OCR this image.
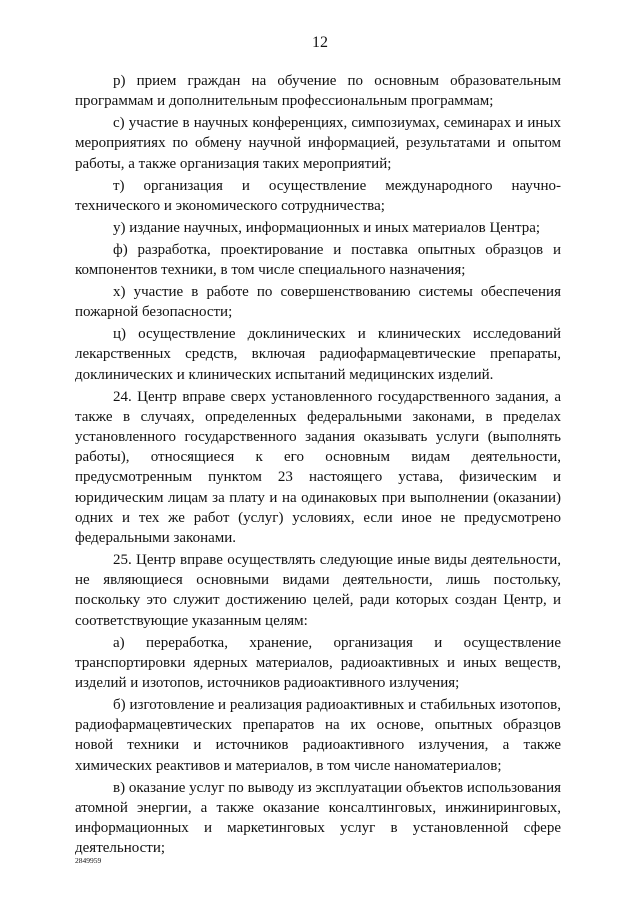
12

р) прием граждан на обучение по основным образовательным программам и дополнительным профессиональным программам;

с) участие в научных конференциях, симпозиумах, семинарах и иных мероприятиях по обмену научной информацией, результатами и опытом работы, а также организация таких мероприятий;

т) организация и осуществление международного научно-технического и экономического сотрудничества;

у) издание научных, информационных и иных материалов Центра;

ф) разработка, проектирование и поставка опытных образцов и компонентов техники, в том числе специального назначения;

х) участие в работе по совершенствованию системы обеспечения пожарной безопасности;

ц) осуществление доклинических и клинических исследований лекарственных средств, включая радиофармацевтические препараты, доклинических и клинических испытаний медицинских изделий.

24. Центр вправе сверх установленного государственного задания, а также в случаях, определенных федеральными законами, в пределах установленного государственного задания оказывать услуги (выполнять работы), относящиеся к его основным видам деятельности, предусмотренным пунктом 23 настоящего устава, физическим и юридическим лицам за плату и на одинаковых при выполнении (оказании) одних и тех же работ (услуг) условиях, если иное не предусмотрено федеральными законами.

25. Центр вправе осуществлять следующие иные виды деятельности, не являющиеся основными видами деятельности, лишь постольку, поскольку это служит достижению целей, ради которых создан Центр, и соответствующие указанным целям:

а) переработка, хранение, организация и осуществление транспортировки ядерных материалов, радиоактивных и иных веществ, изделий и изотопов, источников радиоактивного излучения;

б) изготовление и реализация радиоактивных и стабильных изотопов, радиофармацевтических препаратов на их основе, опытных образцов новой техники и источников радиоактивного излучения, а также химических реактивов и материалов, в том числе наноматериалов;

в) оказание услуг по выводу из эксплуатации объектов использования атомной энергии, а также оказание консалтинговых, инжиниринговых, информационных и маркетинговых услуг в установленной сфере деятельности;

2849959
